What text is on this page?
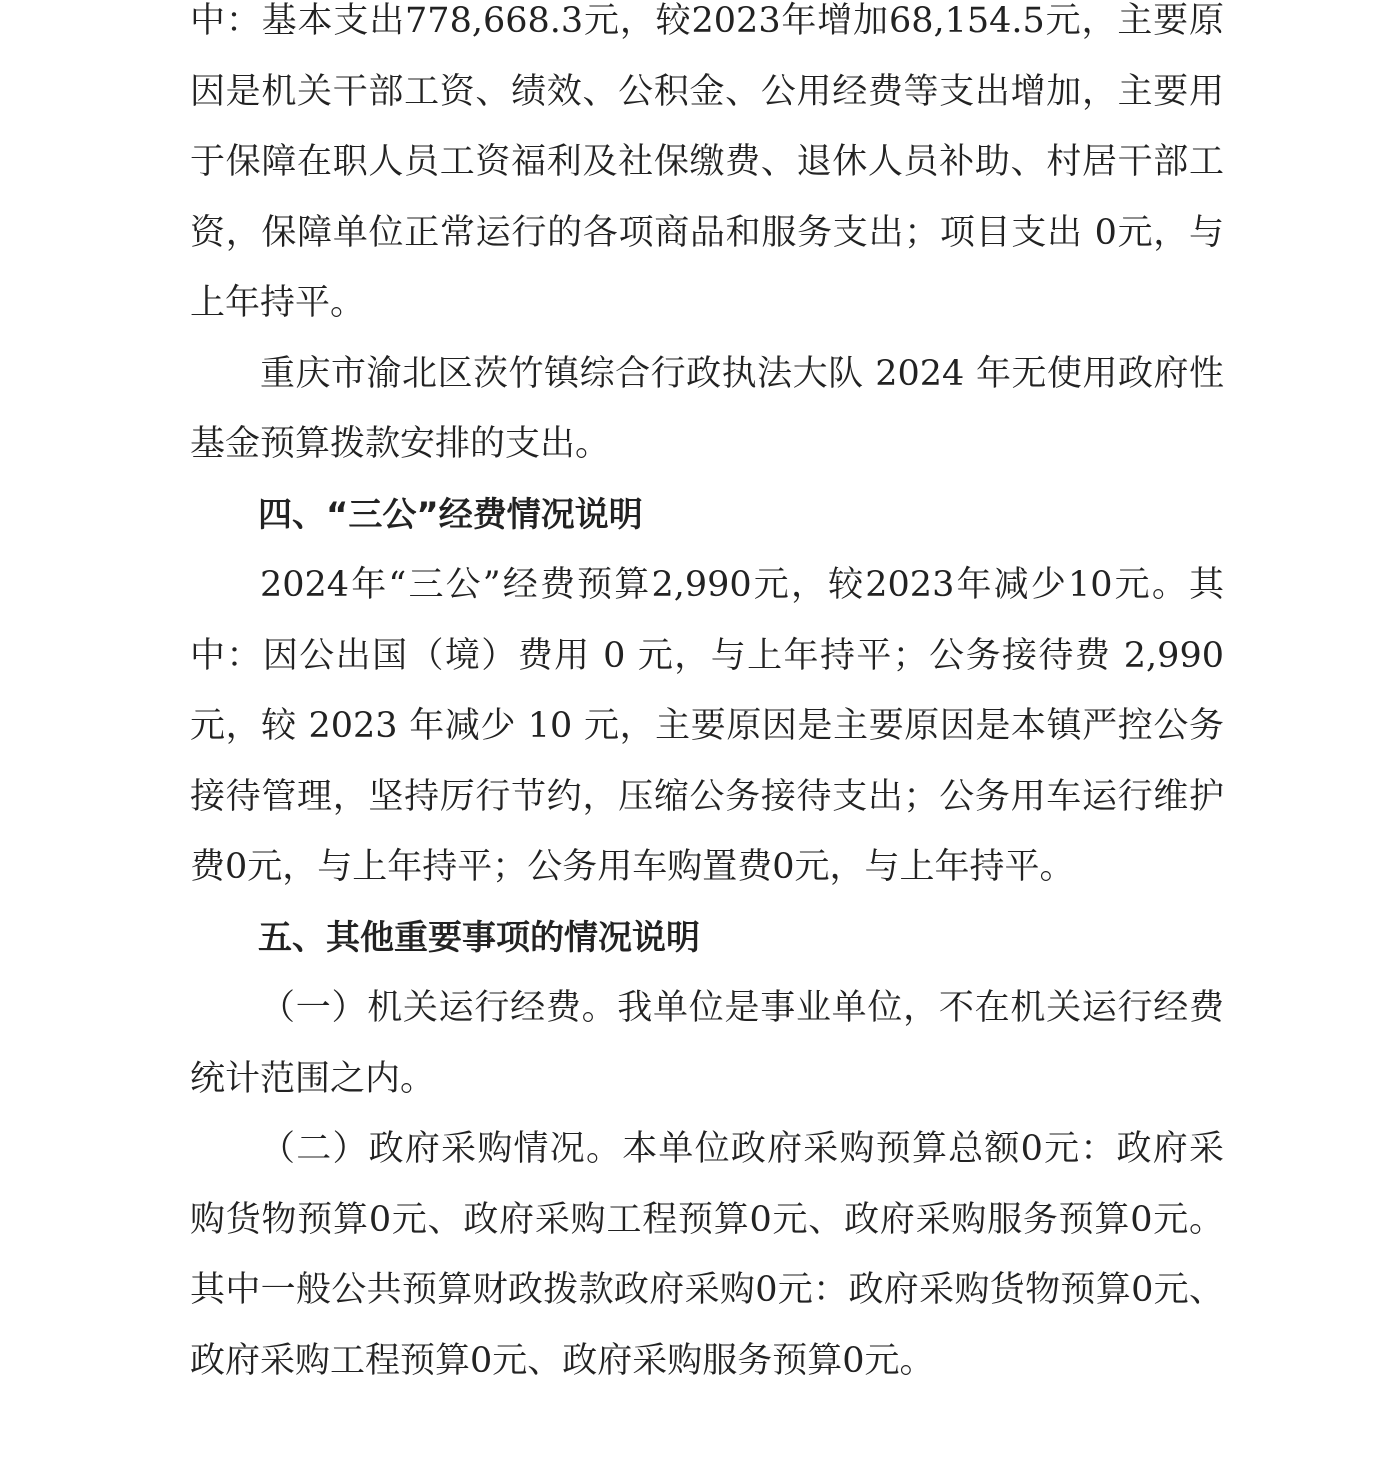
中：基本支出778,668.3元，较2023年增加68,154.5元，主要原因是机关干部工资、绩效、公积金、公用经费等支出增加，主要用于保障在职人员工资福利及社保缴费、退休人员补助、村居干部工资，保障单位正常运行的各项商品和服务支出；项目支出 0元，与上年持平。

重庆市渝北区茨竹镇综合行政执法大队 2024 年无使用政府性基金预算拨款安排的支出。

四、“三公”经费情况说明

2024年“三公”经费预算2,990元，较2023年减少10元。其中：因公出国（境）费用 0 元，与上年持平；公务接待费 2,990 元，较 2023 年减少 10 元，主要原因是主要原因是本镇严控公务接待管理，坚持厉行节约，压缩公务接待支出；公务用车运行维护费0元，与上年持平；公务用车购置费0元，与上年持平。

五、其他重要事项的情况说明

（一）机关运行经费。我单位是事业单位，不在机关运行经费统计范围之内。

（二）政府采购情况。本单位政府采购预算总额0元：政府采购货物预算0元、政府采购工程预算0元、政府采购服务预算0元。其中一般公共预算财政拨款政府采购0元：政府采购货物预算0元、政府采购工程预算0元、政府采购服务预算0元。
